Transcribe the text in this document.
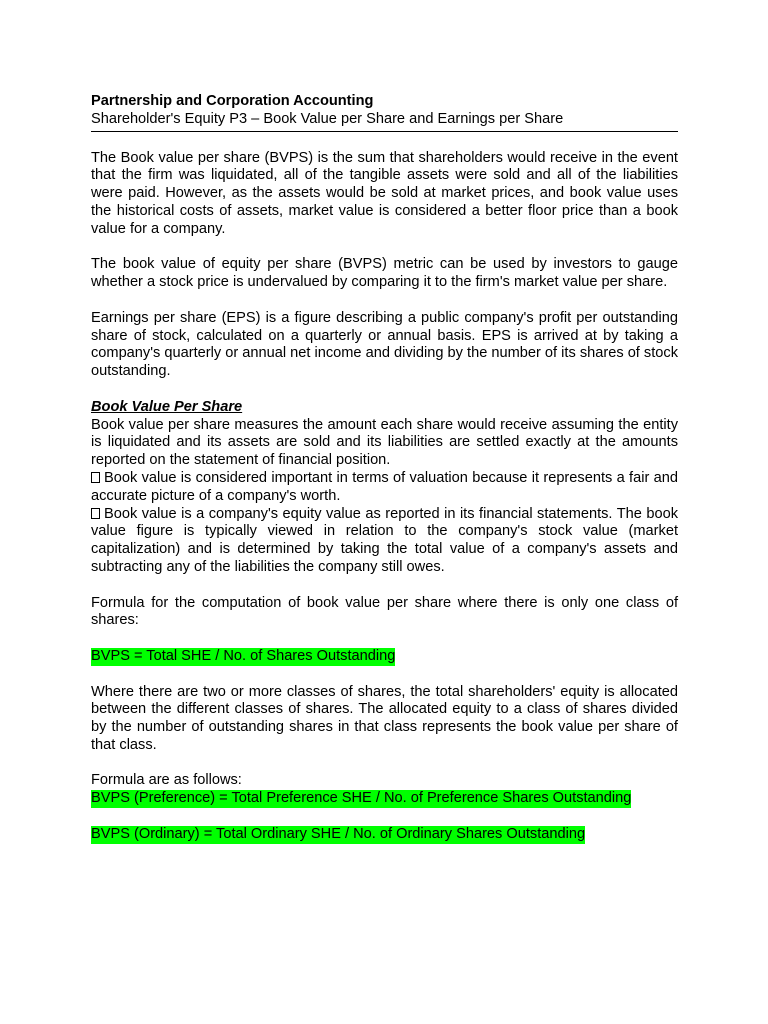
Partnership and Corporation Accounting

Shareholder's Equity P3 – Book Value per Share and Earnings per Share

The Book value per share (BVPS) is the sum that shareholders would receive in the event that the firm was liquidated, all of the tangible assets were sold and all of the liabilities were paid. However, as the assets would be sold at market prices, and book value uses the historical costs of assets, market value is considered a better floor price than a book value for a company.

The book value of equity per share (BVPS) metric can be used by investors to gauge whether a stock price is undervalued by comparing it to the firm's market value per share.

Earnings per share (EPS) is a figure describing a public company's profit per outstanding share of stock, calculated on a quarterly or annual basis. EPS is arrived at by taking a company's quarterly or annual net income and dividing by the number of its shares of stock outstanding.

Book Value Per Share

Book value per share measures the amount each share would receive assuming the entity is liquidated and its assets are sold and its liabilities are settled exactly at the amounts reported on the statement of financial position.

Book value is considered important in terms of valuation because it represents a fair and accurate picture of a company's worth.

Book value is a company's equity value as reported in its financial statements. The book value figure is typically viewed in relation to the company's stock value (market capitalization) and is determined by taking the total value of a company's assets and subtracting any of the liabilities the company still owes.

Formula for the computation of book value per share where there is only one class of shares:

BVPS = Total SHE / No. of Shares Outstanding

Where there are two or more classes of shares, the total shareholders' equity is allocated between the different classes of shares. The allocated equity to a class of shares divided by the number of outstanding shares in that class represents the book value per share of that class.

Formula are as follows:

BVPS (Preference) = Total Preference SHE / No. of Preference Shares Outstanding

BVPS (Ordinary) = Total Ordinary SHE / No. of Ordinary Shares Outstanding
